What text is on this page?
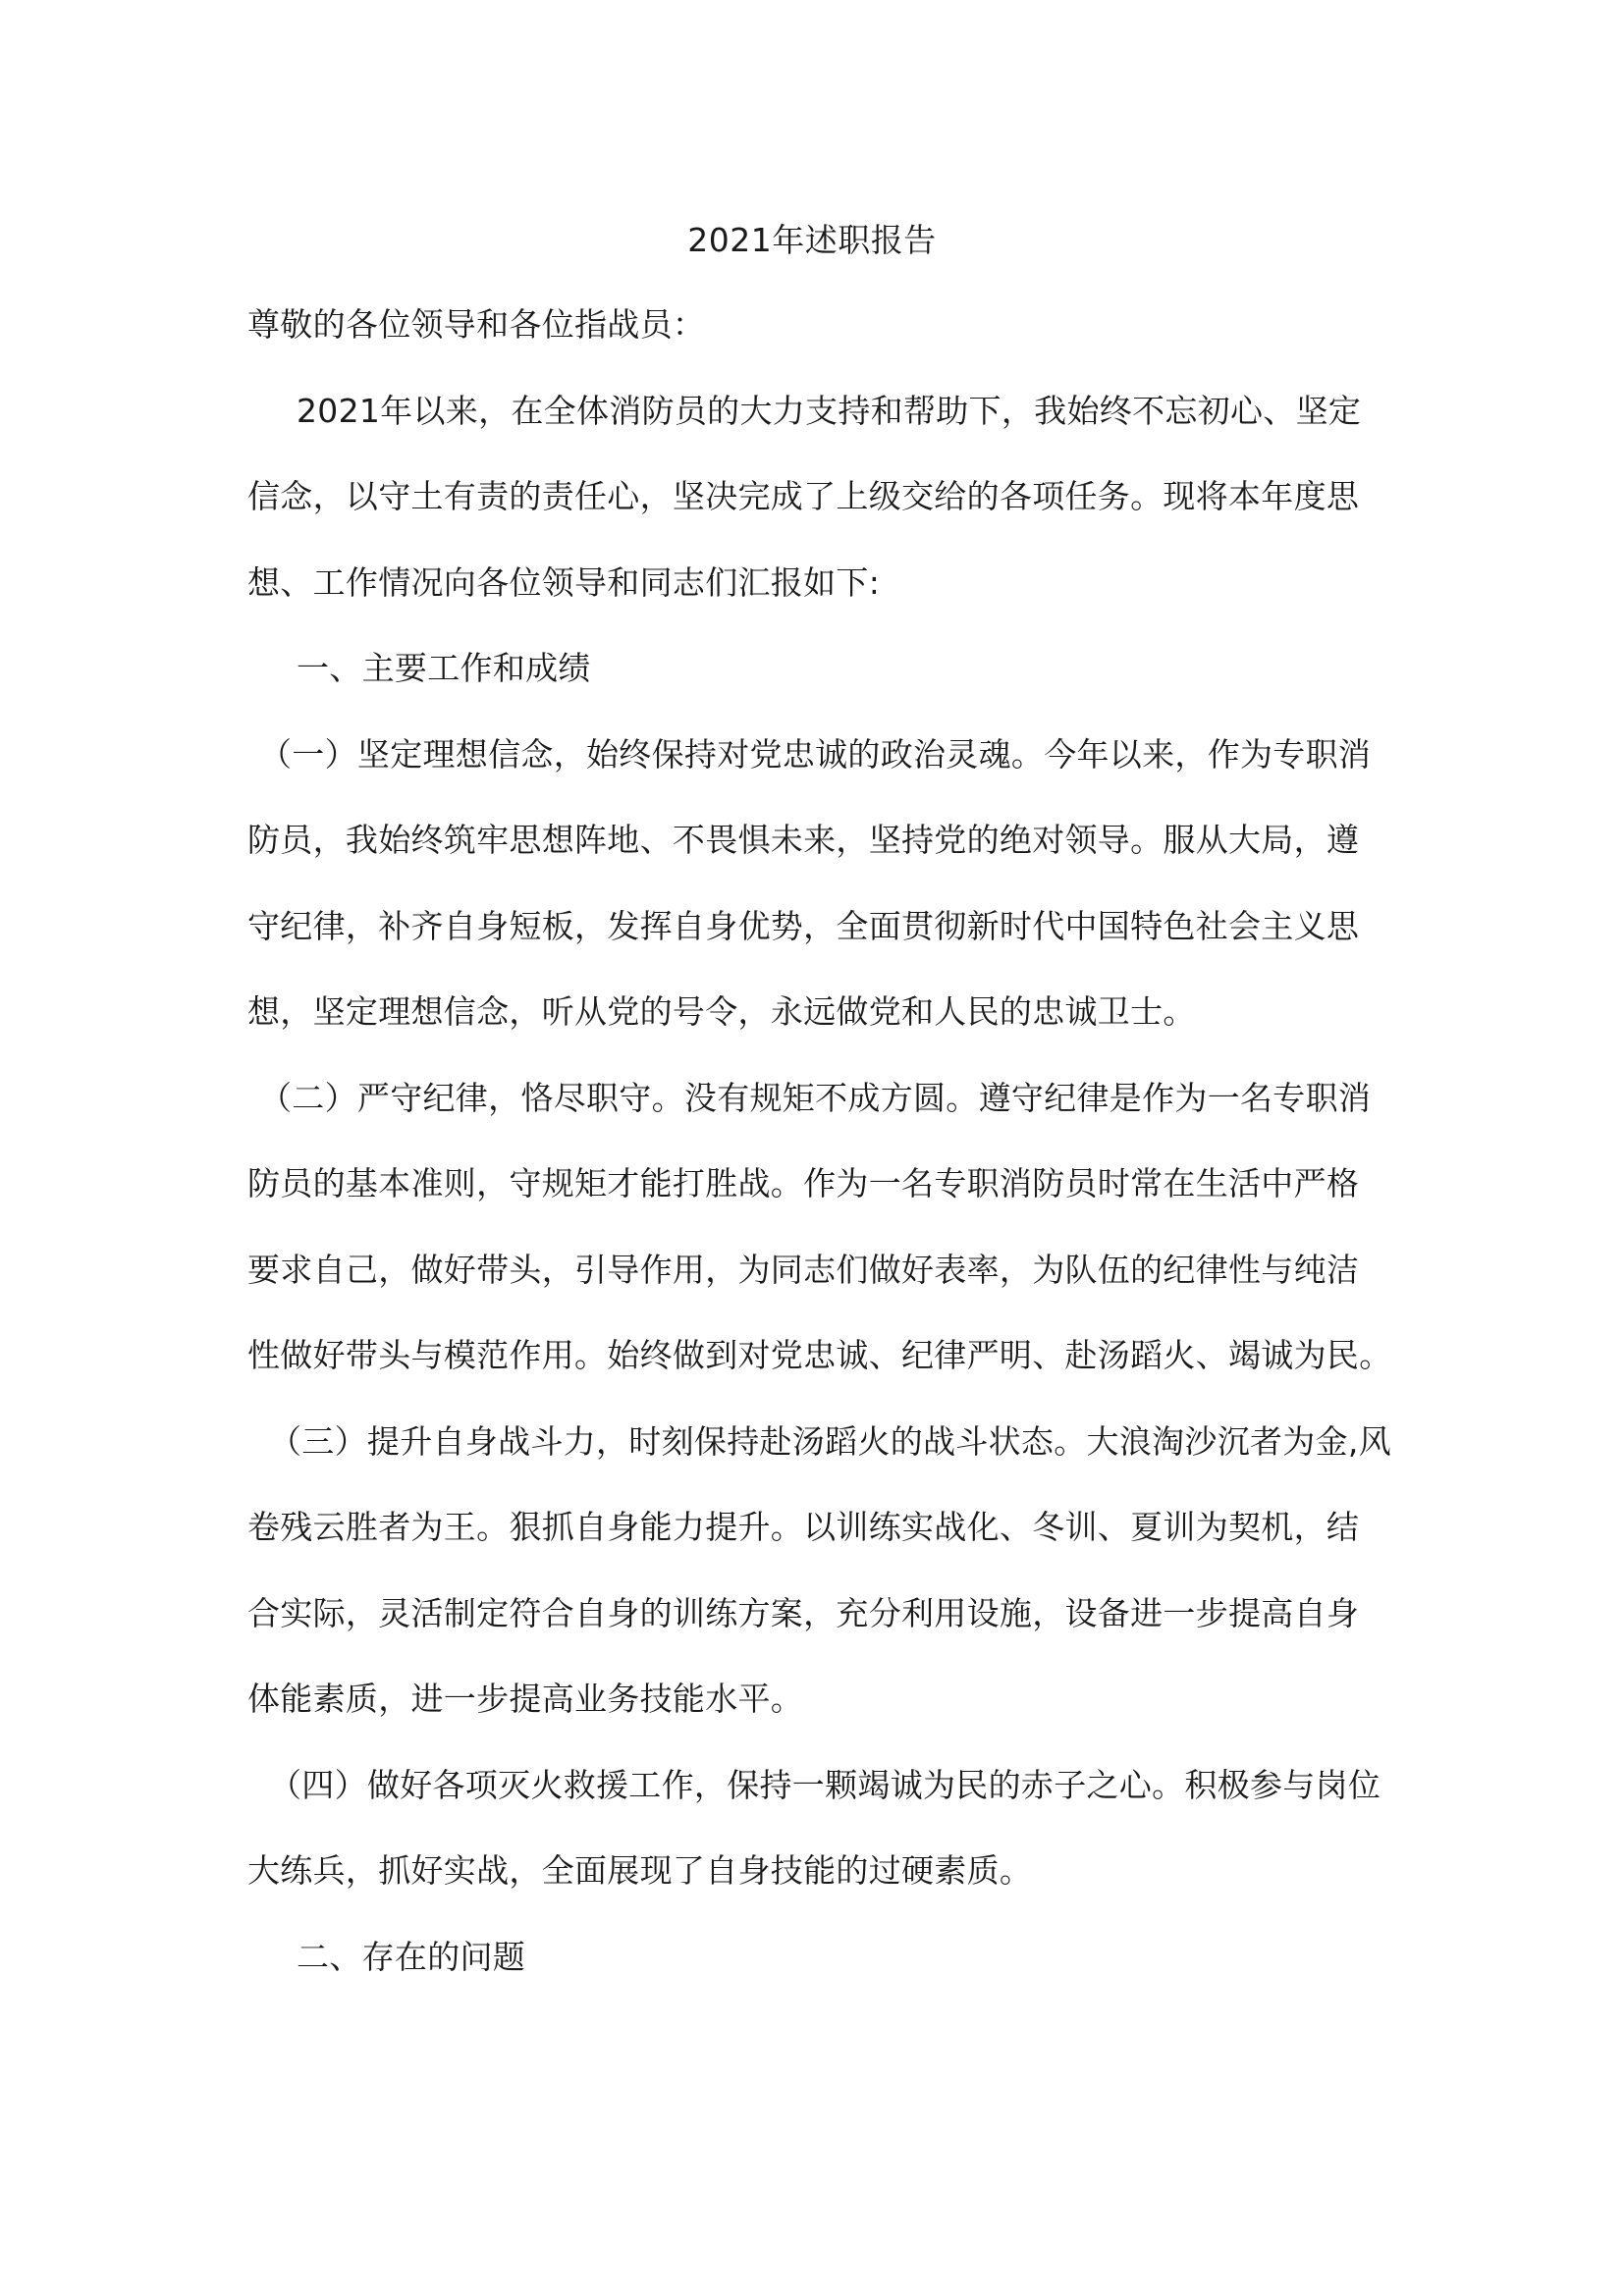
2021年述职报告

尊敬的各位领导和各位指战员：

2021年以来，在全体消防员的大力支持和帮助下，我始终不忘初心、坚定
信念，以守土有责的责任心，坚决完成了上级交给的各项任务。现将本年度思
想、工作情况向各位领导和同志们汇报如下:

一、主要工作和成绩

（一）坚定理想信念，始终保持对党忠诚的政治灵魂。今年以来，作为专职消
防员，我始终筑牢思想阵地、不畏惧未来，坚持党的绝对领导。服从大局，遵
守纪律，补齐自身短板，发挥自身优势，全面贯彻新时代中国特色社会主义思
想，坚定理想信念，听从党的号令，永远做党和人民的忠诚卫士。

（二）严守纪律，恪尽职守。没有规矩不成方圆。遵守纪律是作为一名专职消
防员的基本准则，守规矩才能打胜战。作为一名专职消防员时常在生活中严格
要求自己，做好带头，引导作用，为同志们做好表率，为队伍的纪律性与纯洁
性做好带头与模范作用。始终做到对党忠诚、纪律严明、赴汤蹈火、竭诚为民。

（三）提升自身战斗力，时刻保持赴汤蹈火的战斗状态。大浪淘沙沉者为金,风
卷残云胜者为王。狠抓自身能力提升。以训练实战化、冬训、夏训为契机，结
合实际，灵活制定符合自身的训练方案，充分利用设施，设备进一步提高自身
体能素质，进一步提高业务技能水平。

（四）做好各项灭火救援工作，保持一颗竭诚为民的赤子之心。积极参与岗位
大练兵，抓好实战，全面展现了自身技能的过硬素质。

二、存在的问题
